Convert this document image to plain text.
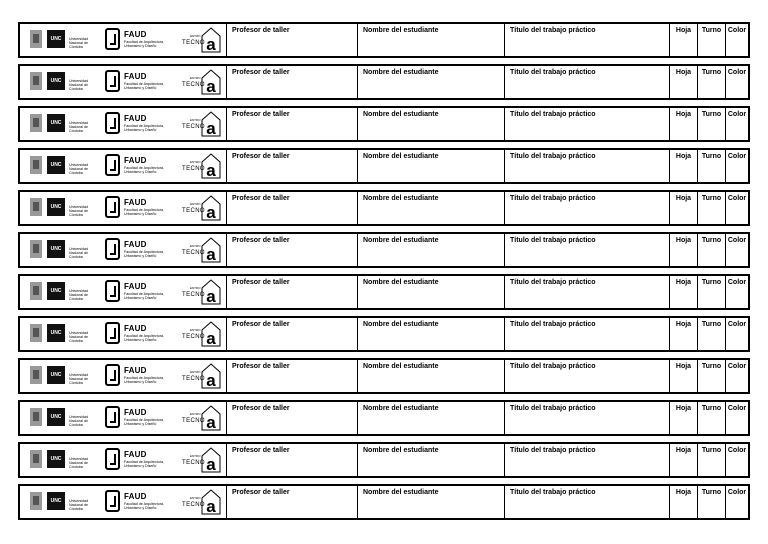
UNC	Universidad Nacional de Córdoba
FAUD
Facultad de Arquitectura, Urbanismo y Diseño
ENTRO
TECNO a
Profesor de taller	Nombre del estudiante	Título del trabajo práctico	Hoja	Turno Color
UNC	Universidad Nacional de Córdoba
FAUD
Facultad de Arquitectura, Urbanismo y Diseño
ENTRO
TECNO a
Profesor de taller	Nombre del estudiante	Título del trabajo práctico	Hoja	Turno Color
UNC	Universidad Nacional de Córdoba
FAUD
Facultad de Arquitectura, Urbanismo y Diseño
ENTRO
TECNO a
Profesor de taller	Nombre del estudiante	Título del trabajo práctico	Hoja	Turno Color
UNC	Universidad Nacional de Córdoba
FAUD
Facultad de Arquitectura, Urbanismo y Diseño
ENTRO
TECNO a
Profesor de taller	Nombre del estudiante	Título del trabajo práctico	Hoja	Turno Color
UNC	Universidad Nacional de Córdoba
FAUD
Facultad de Arquitectura, Urbanismo y Diseño
ENTRO
TECNO a
Profesor de taller	Nombre del estudiante	Título del trabajo práctico	Hoja	Turno Color
UNC	Universidad Nacional de Córdoba
FAUD
Facultad de Arquitectura, Urbanismo y Diseño
ENTRO
TECNO a
Profesor de taller	Nombre del estudiante	Título del trabajo práctico	Hoja	Turno Color
UNC	Universidad Nacional de Córdoba
FAUD
Facultad de Arquitectura, Urbanismo y Diseño
ENTRO
TECNO a
Profesor de taller	Nombre del estudiante	Título del trabajo práctico	Hoja	Turno Color
UNC	Universidad Nacional de Córdoba
FAUD
Facultad de Arquitectura, Urbanismo y Diseño
ENTRO
TECNO a
Profesor de taller	Nombre del estudiante	Título del trabajo práctico	Hoja	Turno Color
UNC	Universidad Nacional de Córdoba
FAUD
Facultad de Arquitectura, Urbanismo y Diseño
ENTRO
TECNO a
Profesor de taller	Nombre del estudiante	Título del trabajo práctico	Hoja	Turno Color
UNC	Universidad Nacional de Córdoba
FAUD
Facultad de Arquitectura, Urbanismo y Diseño
ENTRO
TECNO a
Profesor de taller	Nombre del estudiante	Título del trabajo práctico	Hoja	Turno Color
UNC	Universidad Nacional de Córdoba
FAUD
Facultad de Arquitectura, Urbanismo y Diseño
ENTRO
TECNO a
Profesor de taller	Nombre del estudiante	Título del trabajo práctico	Hoja	Turno Color
UNC	Universidad Nacional de Córdoba
FAUD
Facultad de Arquitectura, Urbanismo y Diseño
ENTRO
TECNO a
Profesor de taller	Nombre del estudiante	Título del trabajo práctico	Hoja	Turno Color
